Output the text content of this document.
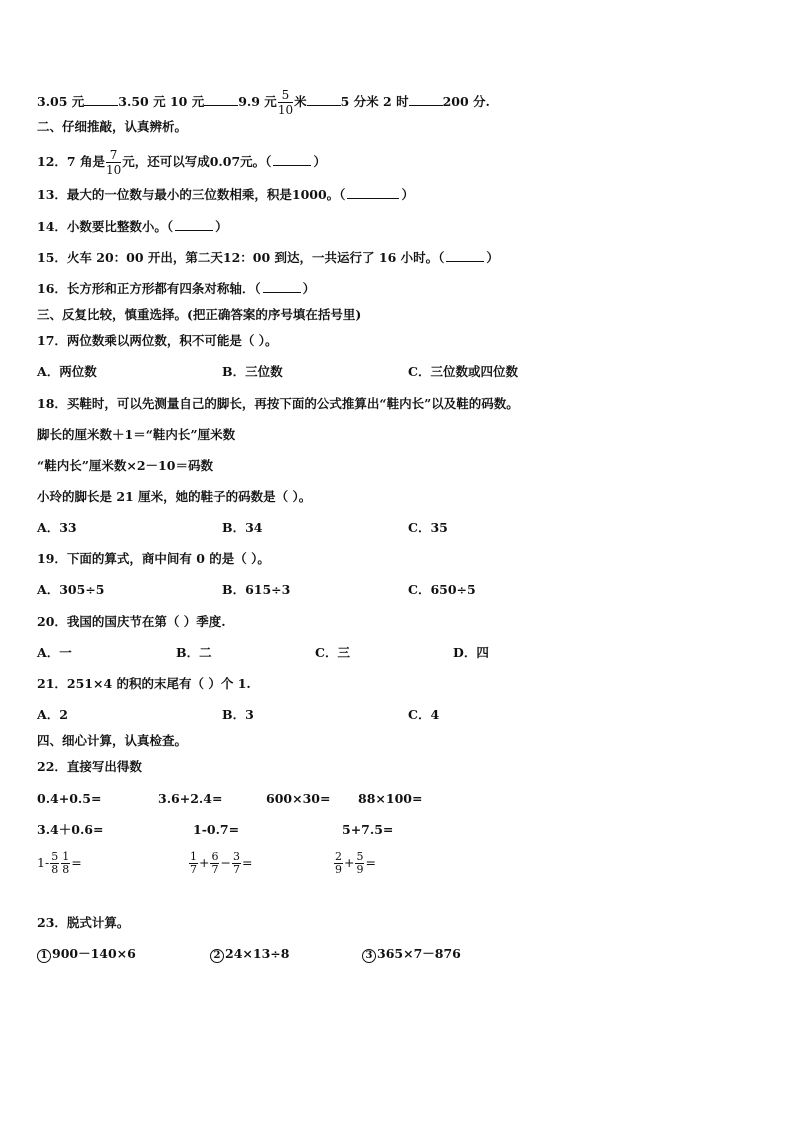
3.05 元	3.50 元 10 元	9.9 元 $\frac{5}{10}$ 米	5 分米 2 时	200 分.
二、仔细推敲，认真辨析。
12．7 角是 $\frac{7}{10}$ 元，还可以写成0.07元。（	）
13．最大的一位数与最小的三位数相乘，积是1000。（	）
14．小数要比整数小。（	）
15．火车 20：00 开出，第二天12：00 到达，一共运行了 16 小时。（	）
16．长方形和正方形都有四条对称轴．（	）
三、反复比较，慎重选择。(把正确答案的序号填在括号里)
17．两位数乘以两位数，积不可能是（ ）。
A．两位数	B．三位数	C．三位数或四位数
18．买鞋时，可以先测量自己的脚长，再按下面的公式推算出“鞋内长”以及鞋的码数。
脚长的厘米数＋1＝“鞋内长”厘米数
“鞋内长”厘米数×2－10＝码数
小玲的脚长是 21 厘米，她的鞋子的码数是（ ）。
A．33	B．34	C．35
19．下面的算式，商中间有 0 的是（ ）。
A．305÷5	B．615÷3	C．650÷5
20．我国的国庆节在第（ ）季度.
A．一	B．二	C．三	D．四
21．251×4 的积的末尾有（ ）个 1.
A．2	B．3	C．4
四、细心计算，认真检查。
22．直接写出得数
0.4+0.5=	3.6+2.4=	600×30= 88×100=
3.4＋0.6=	1-0.7=	5+7.5=
$1- \frac{5}{8} \frac{1}{8}$ =	$\frac{1}{7} + \frac{6}{7} - \frac{3}{7}$ =	$\frac{2}{9} + \frac{5}{9}$ =
23．脱式计算。
1 900－140×6	2 24×13÷8	3 365×7－876
